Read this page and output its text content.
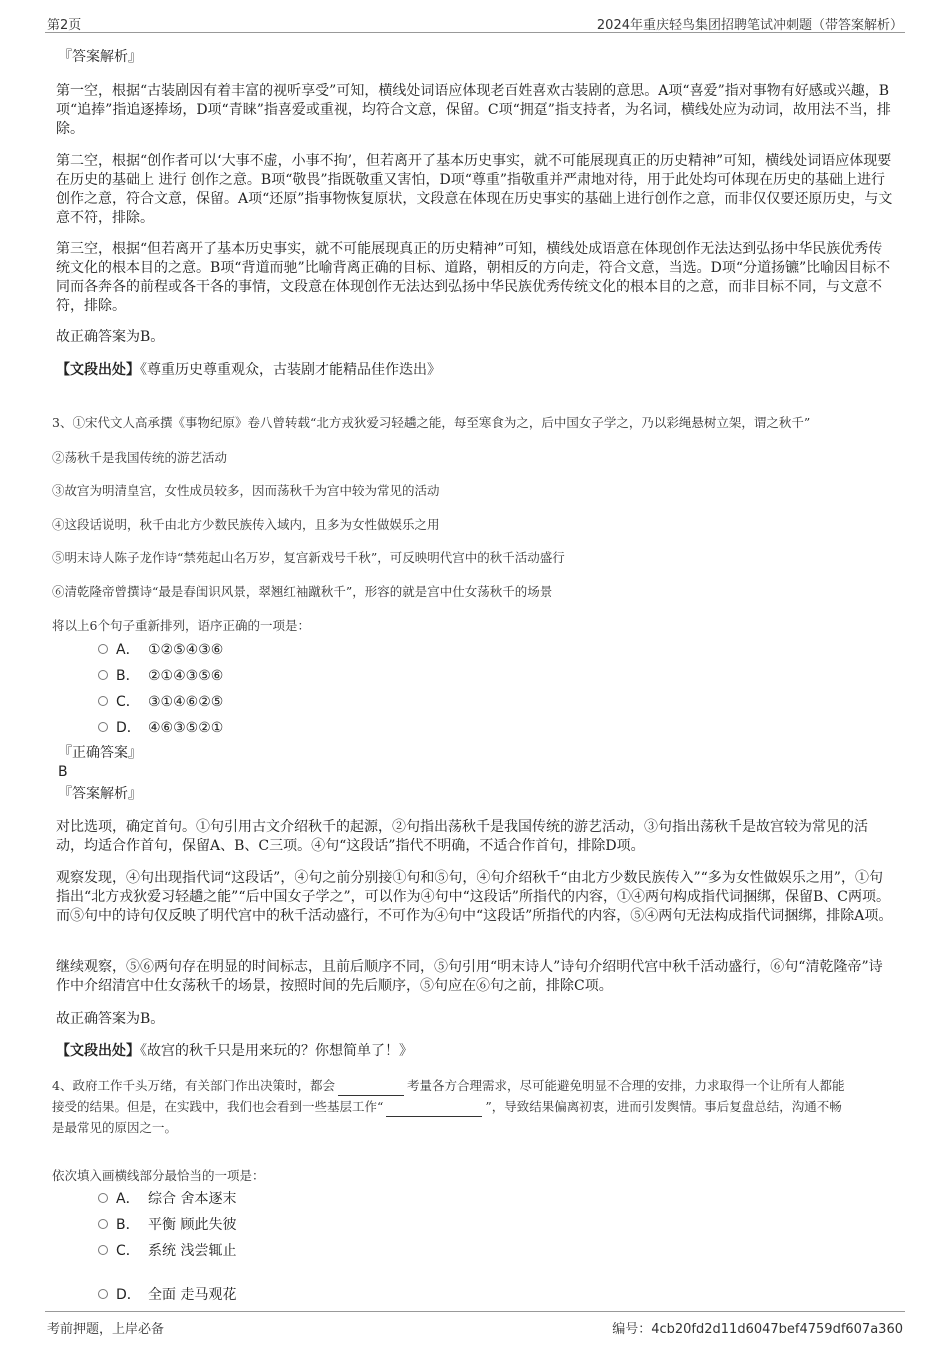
第2页	2024年重庆轻鸟集团招聘笔试冲刺题（带答案解析）
『答案解析』

第一空，根据“古装剧因有着丰富的视听享受”可知，横线处词语应体现老百姓喜欢古装剧的意思。A项“喜爱”指对事物有好感或兴趣，B项“追捧”指追逐捧场，D项“青睐”指喜爱或重视，均符合文意，保留。C项“拥趸”指支持者，为名词，横线处应为动词，故用法不当，排除。

第二空，根据“创作者可以‘大事不虚，小事不拘’，但若离开了基本历史事实，就不可能展现真正的历史精神”可知，横线处词语应体现要在历史的基础上 进行 创作之意。B项“敬畏”指既敬重又害怕，D项“尊重”指敬重并严肃地对待，用于此处均可体现在历史的基础上进行创作之意，符合文意，保留。A项“还原”指事物恢复原状，文段意在体现在历史事实的基础上进行创作之意，而非仅仅要还原历史，与文意不符，排除。

第三空，根据“但若离开了基本历史事实，就不可能展现真正的历史精神”可知，横线处成语意在体现创作无法达到弘扬中华民族优秀传统文化的根本目的之意。B项“背道而驰”比喻背离正确的目标、道路，朝相反的方向走，符合文意，当选。D项“分道扬镳”比喻因目标不同而各奔各的前程或各干各的事情，文段意在体现创作无法达到弘扬中华民族优秀传统文化的根本目的之意，而非目标不同，与文意不符，排除。

故正确答案为B。

【文段出处】《尊重历史尊重观众，古装剧才能精品佳作迭出》

3、①宋代文人高承撰《事物纪原》卷八曾转载“北方戎狄爱习轻趫之能，每至寒食为之，后中国女子学之，乃以彩绳悬树立架，谓之秋千”

②荡秋千是我国传统的游艺活动

③故宫为明清皇宫，女性成员较多，因而荡秋千为宫中较为常见的活动

④这段话说明，秋千由北方少数民族传入域内，且多为女性做娱乐之用

⑤明末诗人陈子龙作诗“禁苑起山名万岁，复宫新戏号千秋”，可反映明代宫中的秋千活动盛行

⑥清乾隆帝曾撰诗“最是春闺识风景，翠翘红袖蹴秋千”，形容的就是宫中仕女荡秋千的场景

将以上6个句子重新排列，语序正确的一项是：

A． ①②⑤④③⑥
B． ②①④③⑤⑥
C． ③①④⑥②⑤
D． ④⑥③⑤②①
『正确答案』
B
『答案解析』

对比选项，确定首句。①句引用古文介绍秋千的起源，②句指出荡秋千是我国传统的游艺活动，③句指出荡秋千是故宫较为常见的活动，均适合作首句，保留A、B、C三项。④句“这段话”指代不明确，不适合作首句，排除D项。

观察发现，④句出现指代词“这段话”，④句之前分别接①句和⑤句，④句介绍秋千“由北方少数民族传入”“多为女性做娱乐之用”，①句指出“北方戎狄爱习轻趫之能”“后中国女子学之”，可以作为④句中“这段话”所指代的内容，①④两句构成指代词捆绑，保留B、C两项。而⑤句中的诗句仅反映了明代宫中的秋千活动盛行，不可作为④句中“这段话”所指代的内容，⑤④两句无法构成指代词捆绑，排除A项。

继续观察，⑤⑥两句存在明显的时间标志，且前后顺序不同，⑤句引用“明末诗人”诗句介绍明代宫中秋千活动盛行，⑥句“清乾隆帝”诗作中介绍清宫中仕女荡秋千的场景，按照时间的先后顺序，⑤句应在⑥句之前，排除C项。

故正确答案为B。

【文段出处】《故宫的秋千只是用来玩的？你想简单了！》

4、政府工作千头万绪，有关部门作出决策时，都会	考量各方合理需求，尽可能避免明显不合理的安排，力求取得一个让所有人都能
接受的结果。但是，在实践中，我们也会看到一些基层工作“	”，导致结果偏离初衷，进而引发舆情。事后复盘总结，沟通不畅
是最常见的原因之一。

依次填入画横线部分最恰当的一项是：

A． 综合 舍本逐末
B． 平衡 顾此失彼
C． 系统 浅尝辄止
D． 全面 走马观花
考前押题，上岸必备	编号：4cb20fd2d11d6047bef4759df607a360
